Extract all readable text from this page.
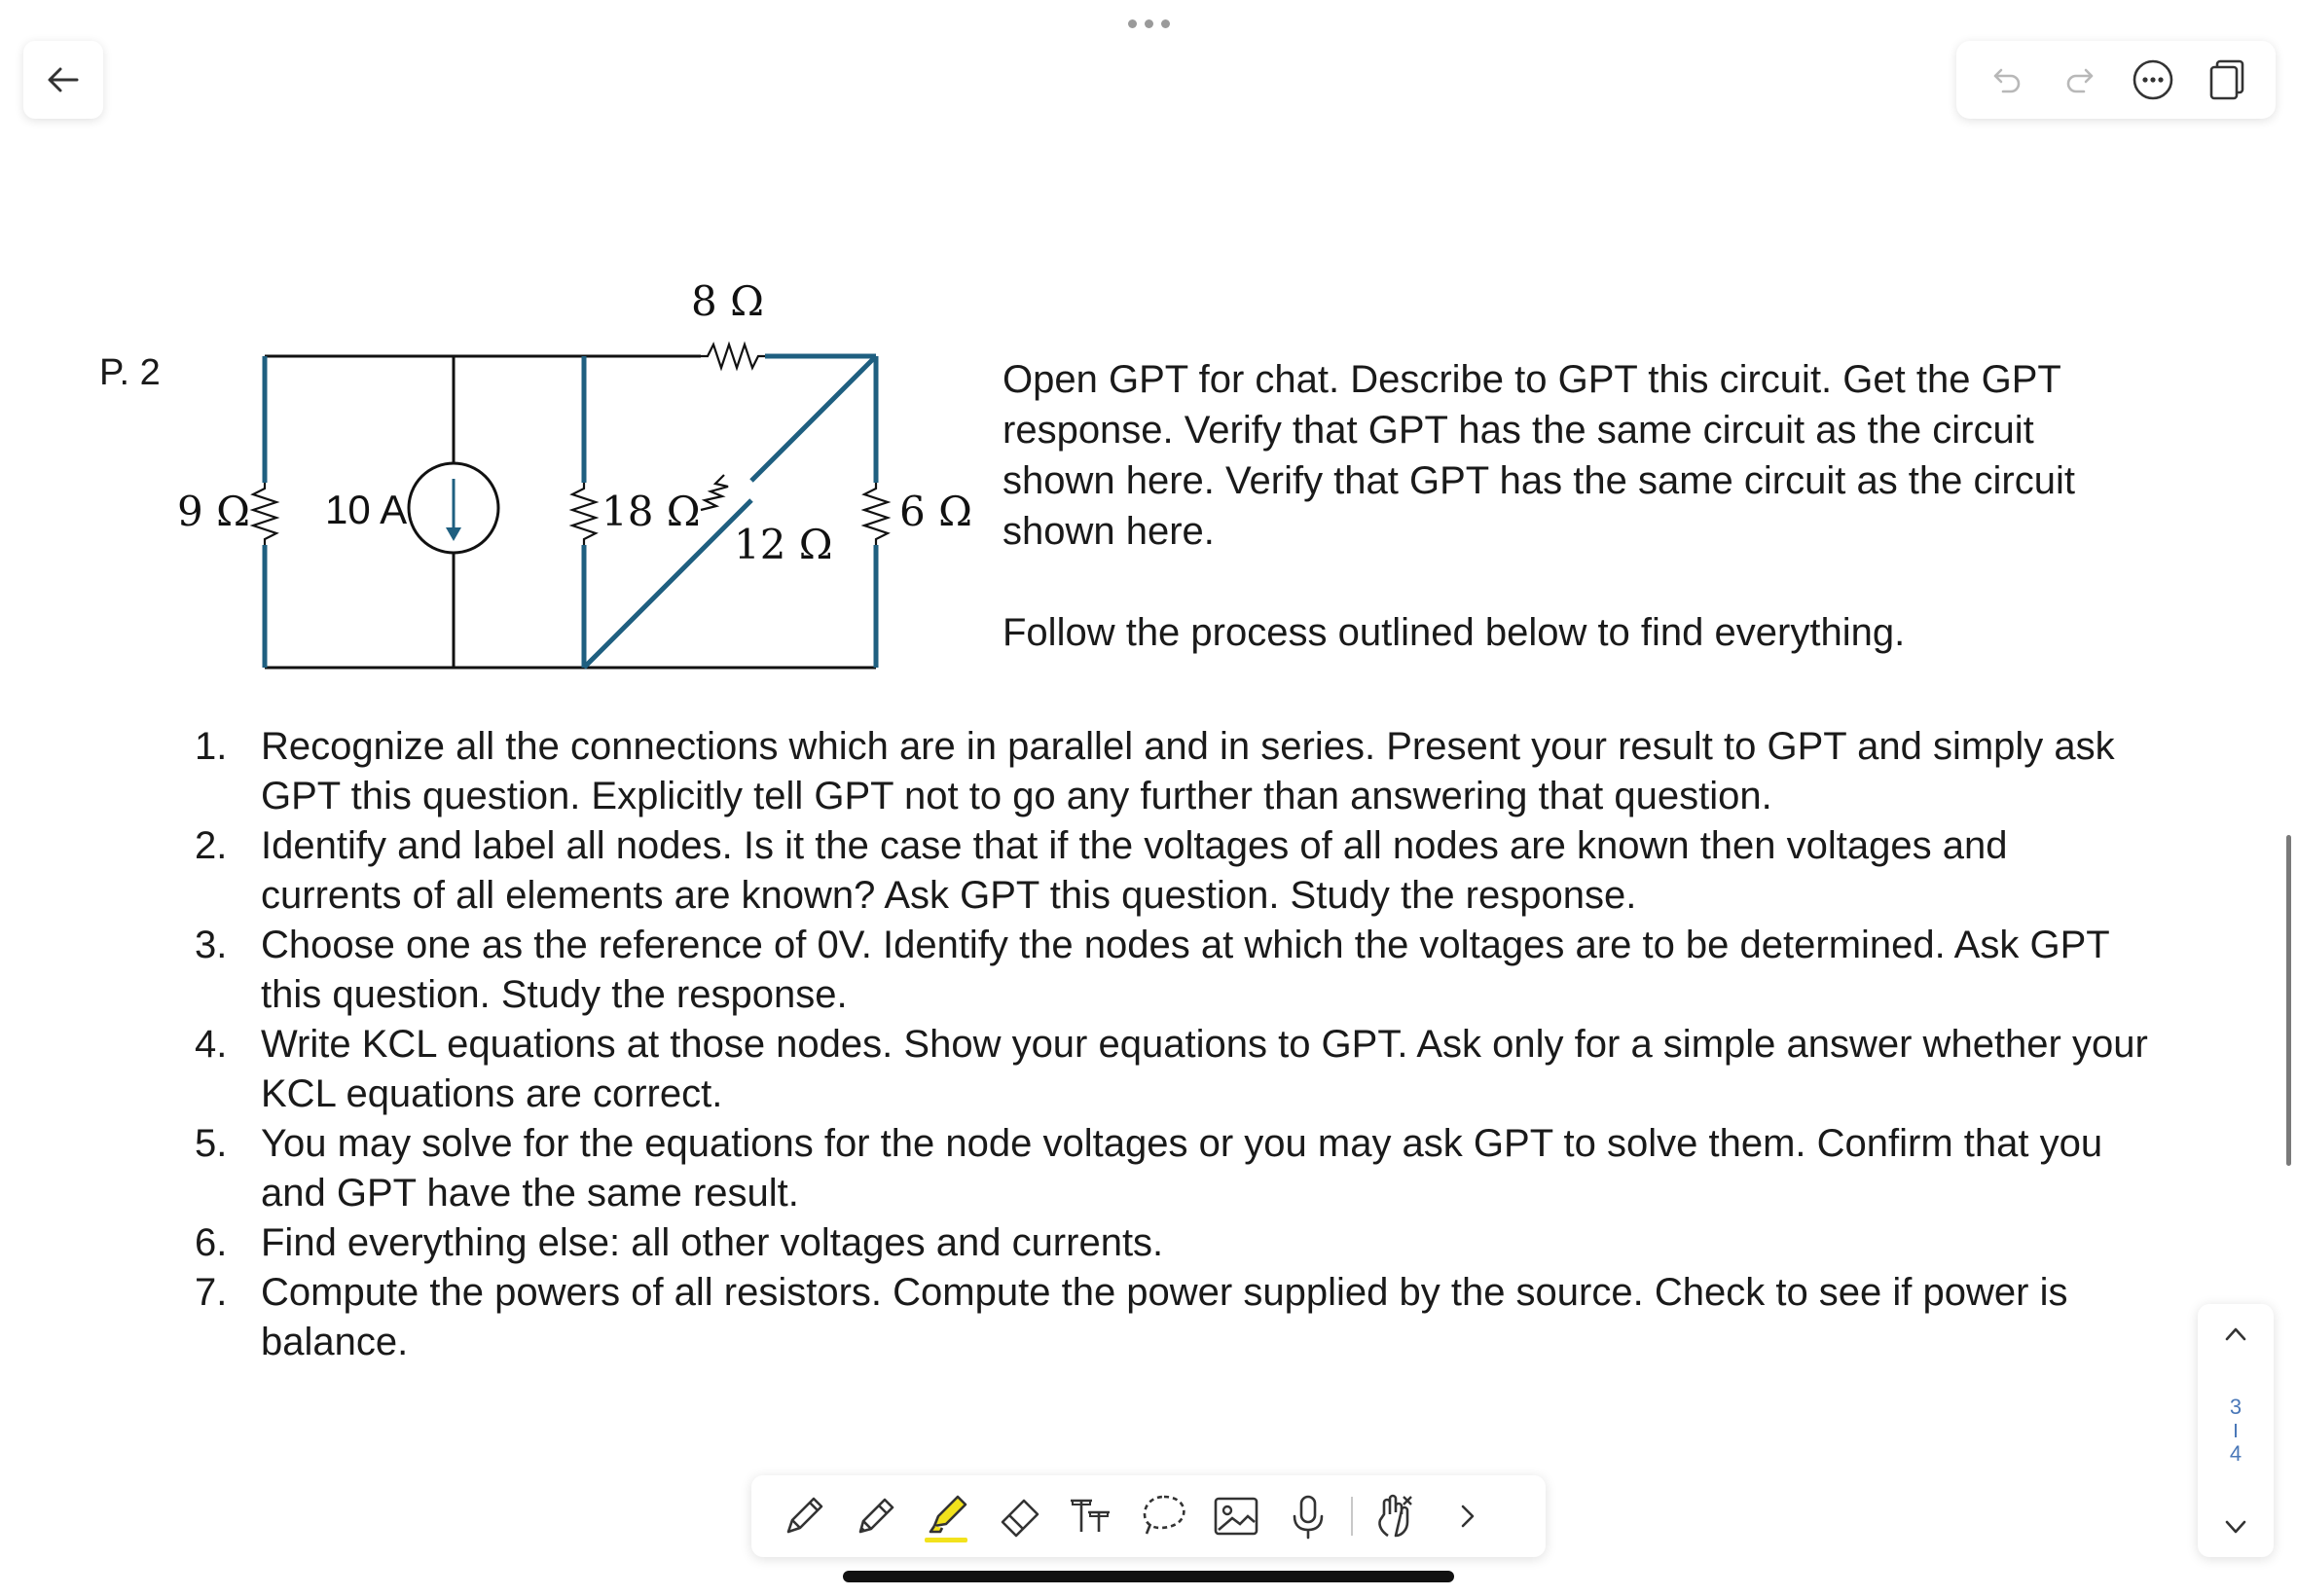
P. 2
8 Ω
9 Ω 10 A	18 Ω
12 Ω
6 Ω

Open GPT for chat. Describe to GPT this circuit. Get the GPT response. Verify that GPT has the same circuit as the circuit shown here. Verify that GPT has the same circuit as the circuit shown here.

Follow the process outlined below to find everything.

1. Recognize all the connections which are in parallel and in series. Present your result to GPT and simply ask GPT this question. Explicitly tell GPT not to go any further than answering that question.
2. Identify and label all nodes. Is it the case that if the voltages of all nodes are known then voltages and currents of all elements are known? Ask GPT this question. Study the response.
3. Choose one as the reference of 0V. Identify the nodes at which the voltages are to be determined. Ask GPT this question. Study the response.
4. Write KCL equations at those nodes. Show your equations to GPT. Ask only for a simple answer whether your KCL equations are correct.
5. You may solve for the equations for the node voltages or you may ask GPT to solve them. Confirm that you and GPT have the same result.
6. Find everything else: all other voltages and currents.
7. Compute the powers of all resistors. Compute the power supplied by the source. Check to see if power is balance.
3
4
